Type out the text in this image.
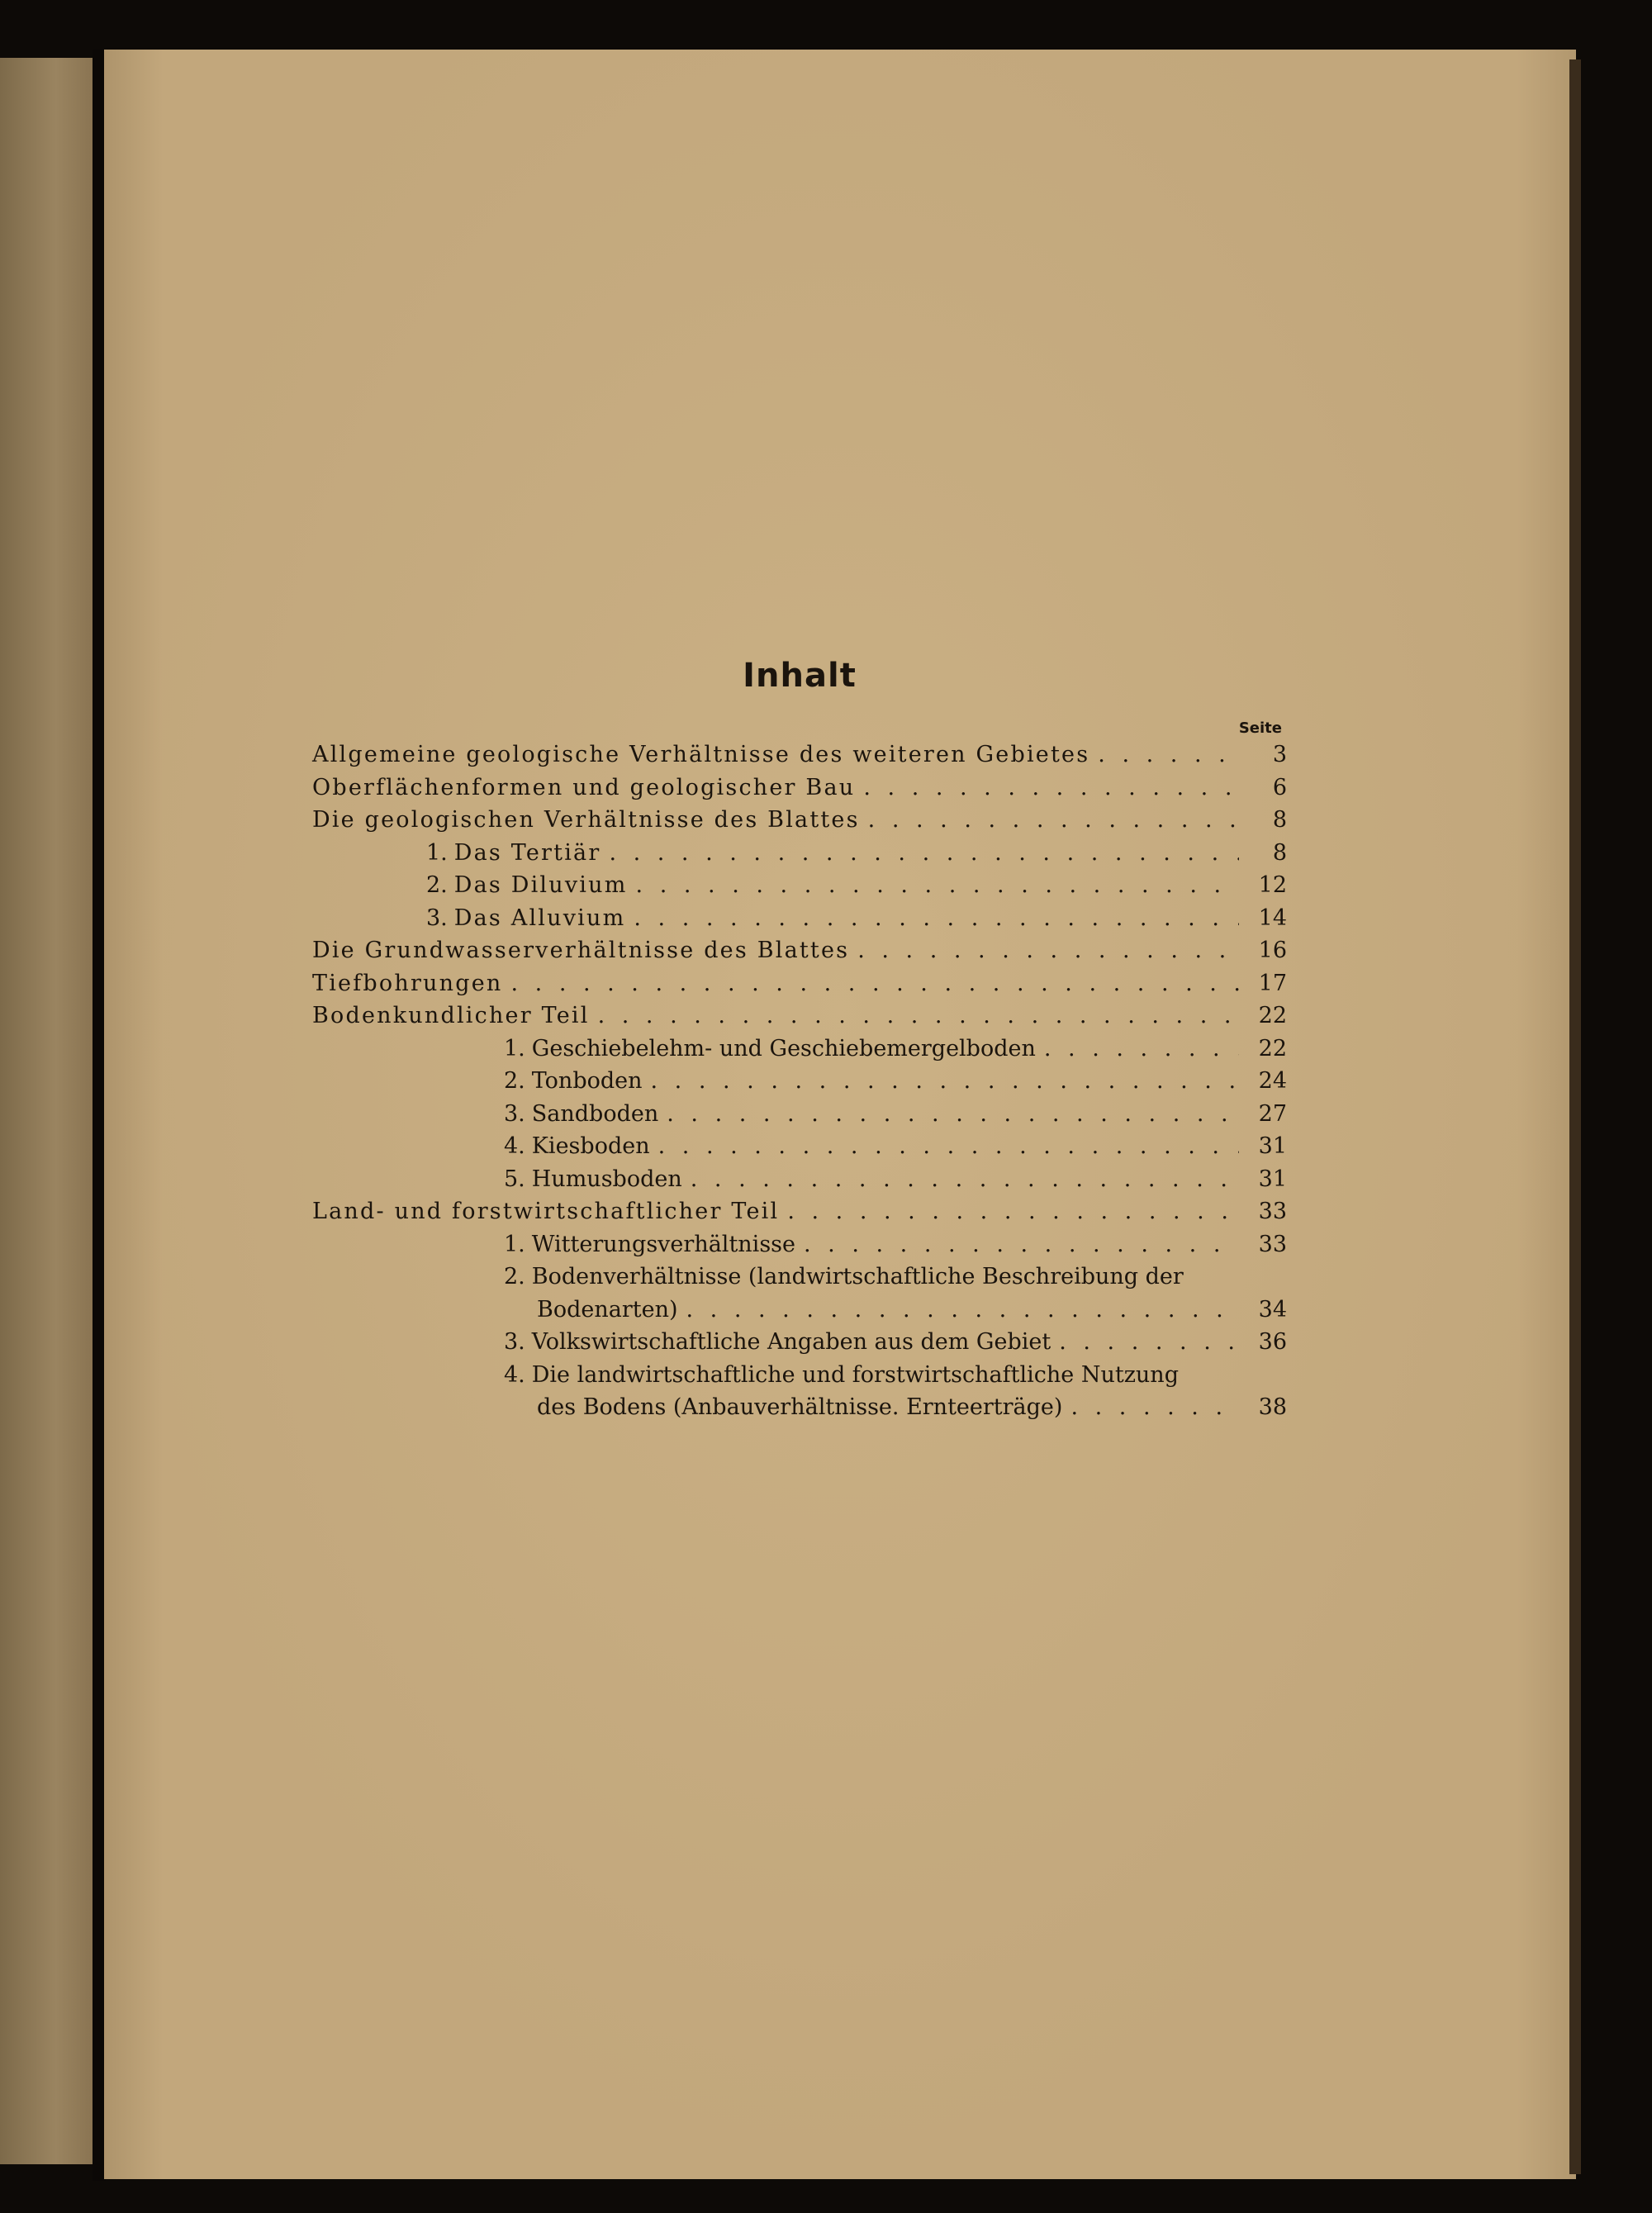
Inhalt
Seite
Allgemeine geologische Verhältnisse des weiteren Gebietes . . .	3
Oberflächenformen und geologischer Bau . . .	6
Die geologischen Verhältnisse des Blattes . . .	8
1. Das Tertiär . . .	8
2. Das Diluvium . . .	12
3. Das Alluvium . . .	14
Die Grundwasserverhältnisse des Blattes . . .	16
Tiefbohrungen . . .	17
Bodenkundlicher Teil . . .	22
1. Geschiebelehm- und Geschiebemergelboden . . .	22
2. Tonboden . . .	24
3. Sandboden . . .	27
4. Kiesboden . . .	31
5. Humusboden . . .	31
Land- und forstwirtschaftlicher Teil . . .	33
1. Witterungsverhältnisse . . .	33
2. Bodenverhältnisse (landwirtschaftliche Beschreibung der
Bodenarten) . . .	34
3. Volkswirtschaftliche Angaben aus dem Gebiet . . .	36
4. Die landwirtschaftliche und forstwirtschaftliche Nutzung
des Bodens (Anbauverhältnisse. Ernteerträge) . . .	38
